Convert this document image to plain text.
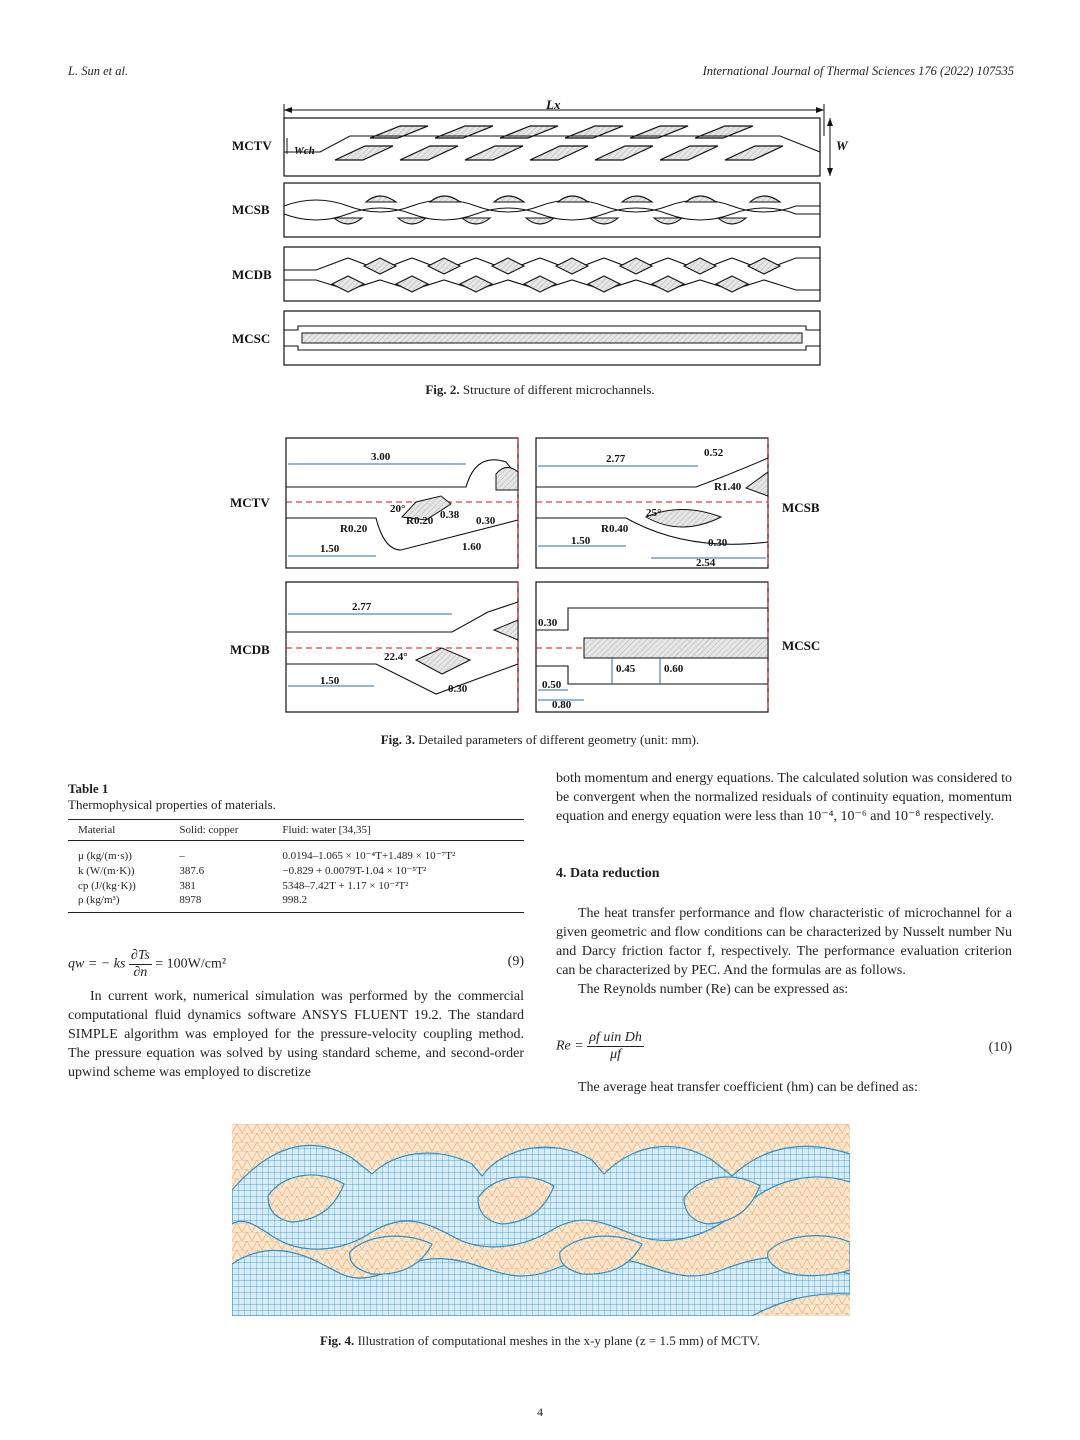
L. Sun et al.	International Journal of Thermal Sciences 176 (2022) 107535
Lx
MCTV Wch	W
MCSB
MCDB
MCSC
Fig. 2. Structure of different microchannels.
MCTV
3.00
20°
R0.20 0.38 0.30
R0.20
1.50	1.60
MCSB
2.77	0.52
R1.40
25°
R0.40
1.50	0.30
2.54
MCDB
2.77
22.4°
1.50
0.30
MCSC
0.30
0.45	0.60
0.50
0.80
Fig. 3. Detailed parameters of different geometry (unit: mm).
Table 1
Thermophysical properties of materials.
Material	Solid: copper	Fluid: water [34,35]
μ (kg/(m·s))	–	0.0194–1.065 × 10⁻⁴T+1.489 × 10⁻⁷T²
k (W/(m·K))	387.6	−0.829 + 0.0079T-1.04 × 10⁻⁵T²
cp (J/(kg·K))	381	5348–7.42T + 1.17 × 10⁻²T²
ρ (kg/m³)	8978	998.2
qw = − ks $\frac{\partial Ts}{\partial n} = 100W/cm^2$	(9)

In current work, numerical simulation was performed by the commercial computational fluid dynamics software ANSYS FLUENT 19.2. The standard SIMPLE algorithm was employed for the pressure-velocity coupling method. The pressure equation was solved by using standard scheme, and second-order upwind scheme was employed to discretize

both momentum and energy equations. The calculated solution was considered to be convergent when the normalized residuals of continuity equation, momentum equation and energy equation were less than 10⁻⁴, 10⁻⁶ and 10⁻⁸ respectively.

4. Data reduction

The heat transfer performance and flow characteristic of microchannel for a given geometric and flow conditions can be characterized by Nusselt number Nu and Darcy friction factor f, respectively. The performance evaluation criterion can be characterized by PEC. And the formulas are as follows.

The Reynolds number (Re) can be expressed as:

$Re = \frac{\text{ρf uin Dh}}{\mu f}$	(10)

The average heat transfer coefficient (hm) can be defined as:

Fig. 4. Illustration of computational meshes in the x-y plane (z = 1.5 mm) of MCTV.
4
